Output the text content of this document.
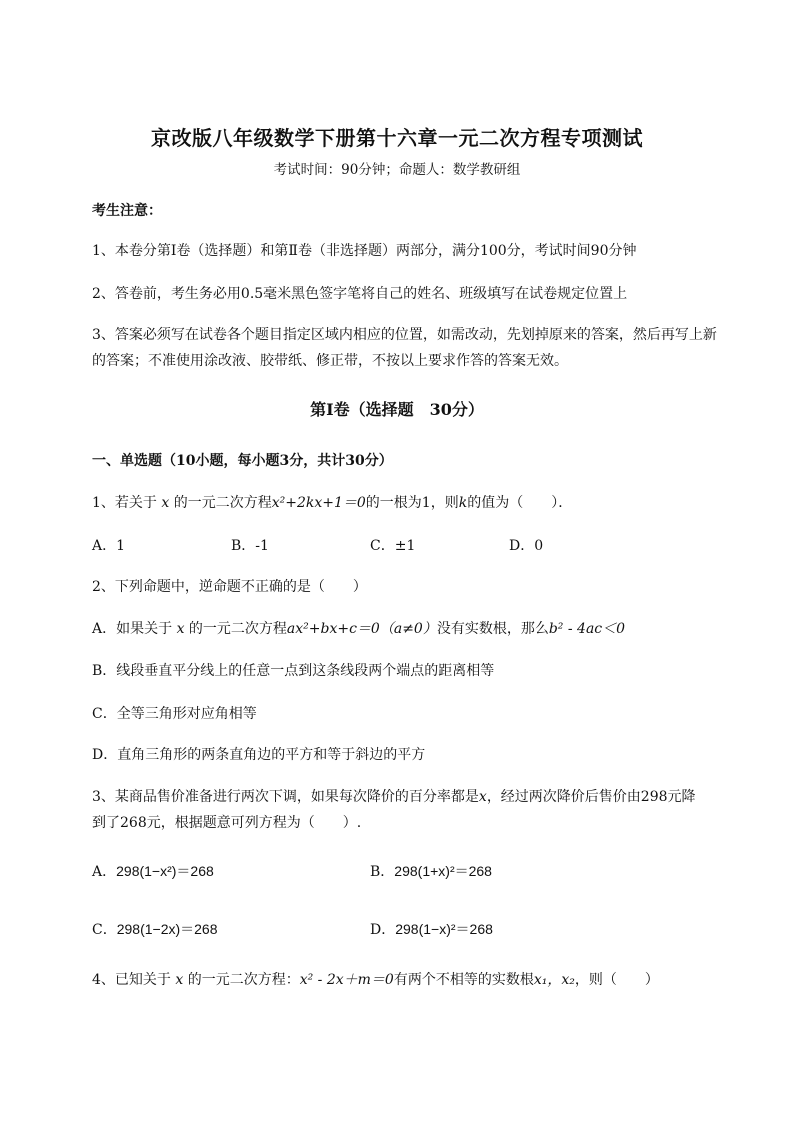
京改版八年级数学下册第十六章一元二次方程专项测试
考试时间：90分钟；命题人：数学教研组
考生注意：
1、本卷分第I卷（选择题）和第Ⅱ卷（非选择题）两部分，满分100分，考试时间90分钟
2、答卷前，考生务必用0.5毫米黑色签字笔将自己的姓名、班级填写在试卷规定位置上
3、答案必须写在试卷各个题目指定区域内相应的位置，如需改动，先划掉原来的答案，然后再写上新
的答案；不准使用涂改液、胶带纸、修正带，不按以上要求作答的答案无效。
第I卷（选择题　30分）
一、单选题（10小题，每小题3分，共计30分）
1、若关于 x 的一元二次方程x²+2kx+1＝0的一根为1，则k的值为（　　）．
A．1	B．-1	C．±1	D．0
2、下列命题中，逆命题不正确的是（　　）
A．如果关于 x 的一元二次方程ax²+bx+c＝0（a≠0）没有实数根，那么b² - 4ac＜0
B．线段垂直平分线上的任意一点到这条线段两个端点的距离相等
C．全等三角形对应角相等
D．直角三角形的两条直角边的平方和等于斜边的平方
3、某商品售价准备进行两次下调，如果每次降价的百分率都是x，经过两次降价后售价由298元降
到了268元，根据题意可列方程为（　　）.
A．298(1−x²)＝268	B．298(1+x)²＝268
C．298(1−2x)＝268	D．298(1−x)²＝268
4、已知关于 x 的一元二次方程：x² - 2x＋m＝0有两个不相等的实数根x₁，x₂，则（　　）
